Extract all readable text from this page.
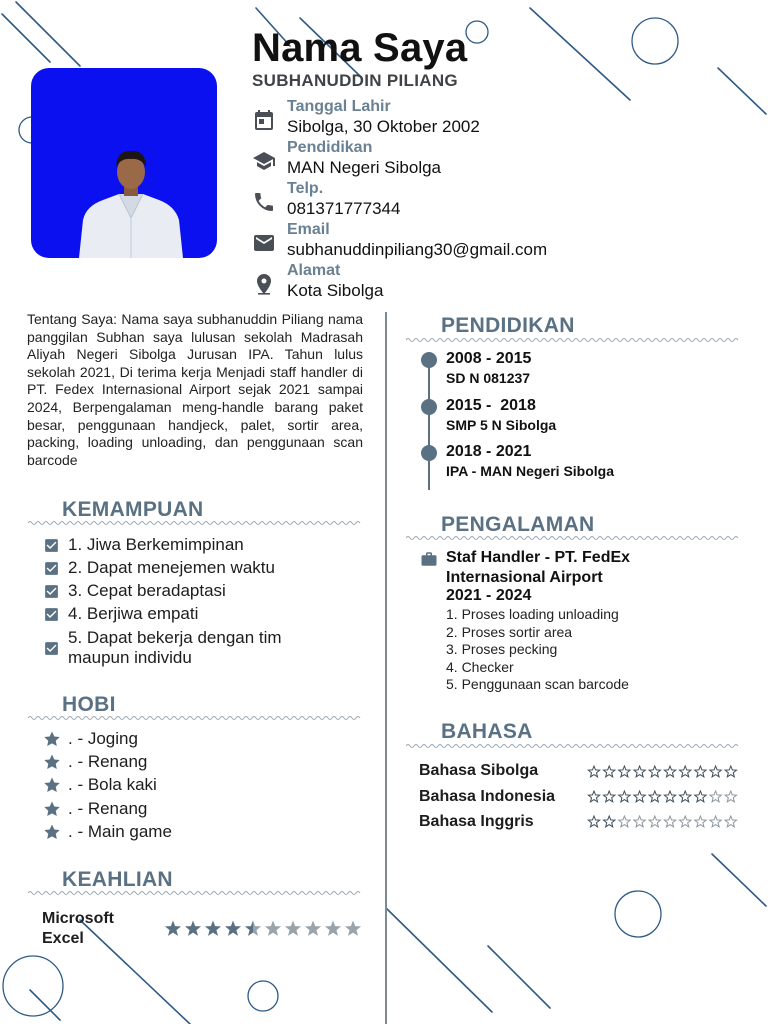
Nama Saya
SUBHANUDDIN PILIANG
Tanggal Lahir
Sibolga, 30 Oktober 2002
Pendidikan
MAN Negeri Sibolga
Telp.
081371777344
Email
subhanuddinpiliang30@gmail.com
Alamat
Kota Sibolga
Tentang Saya: Nama saya subhanuddin Piliang nama panggilan Subhan saya lulusan sekolah Madrasah Aliyah Negeri Sibolga Jurusan IPA. Tahun lulus sekolah 2021, Di terima kerja Menjadi staff handler di PT. Fedex Internasional Airport sejak 2021 sampai 2024, Berpengalaman meng-handle barang paket besar, penggunaan handjeck, palet, sortir area, packing, loading unloading, dan penggunaan scan barcode
KEMAMPUAN
1. Jiwa Berkemimpinan
2. Dapat menejemen waktu
3. Cepat beradaptasi
4. Berjiwa empati
5. Dapat bekerja dengan tim
maupun individu
HOBI
. - Joging
. - Renang
. - Bola kaki
. - Renang
. - Main game
KEAHLIAN
Microsoft Excel
PENDIDIKAN
2008 - 2015
SD N 081237
2015 -  2018
SMP 5 N Sibolga
2018 - 2021
IPA - MAN Negeri Sibolga
PENGALAMAN
Staf Handler - PT. FedEx Internasional Airport
2021 - 2024
1. Proses loading unloading
2. Proses sortir area
3. Proses pecking
4. Checker
5. Penggunaan scan barcode
BAHASA
Bahasa Sibolga
Bahasa Indonesia
Bahasa Inggris
